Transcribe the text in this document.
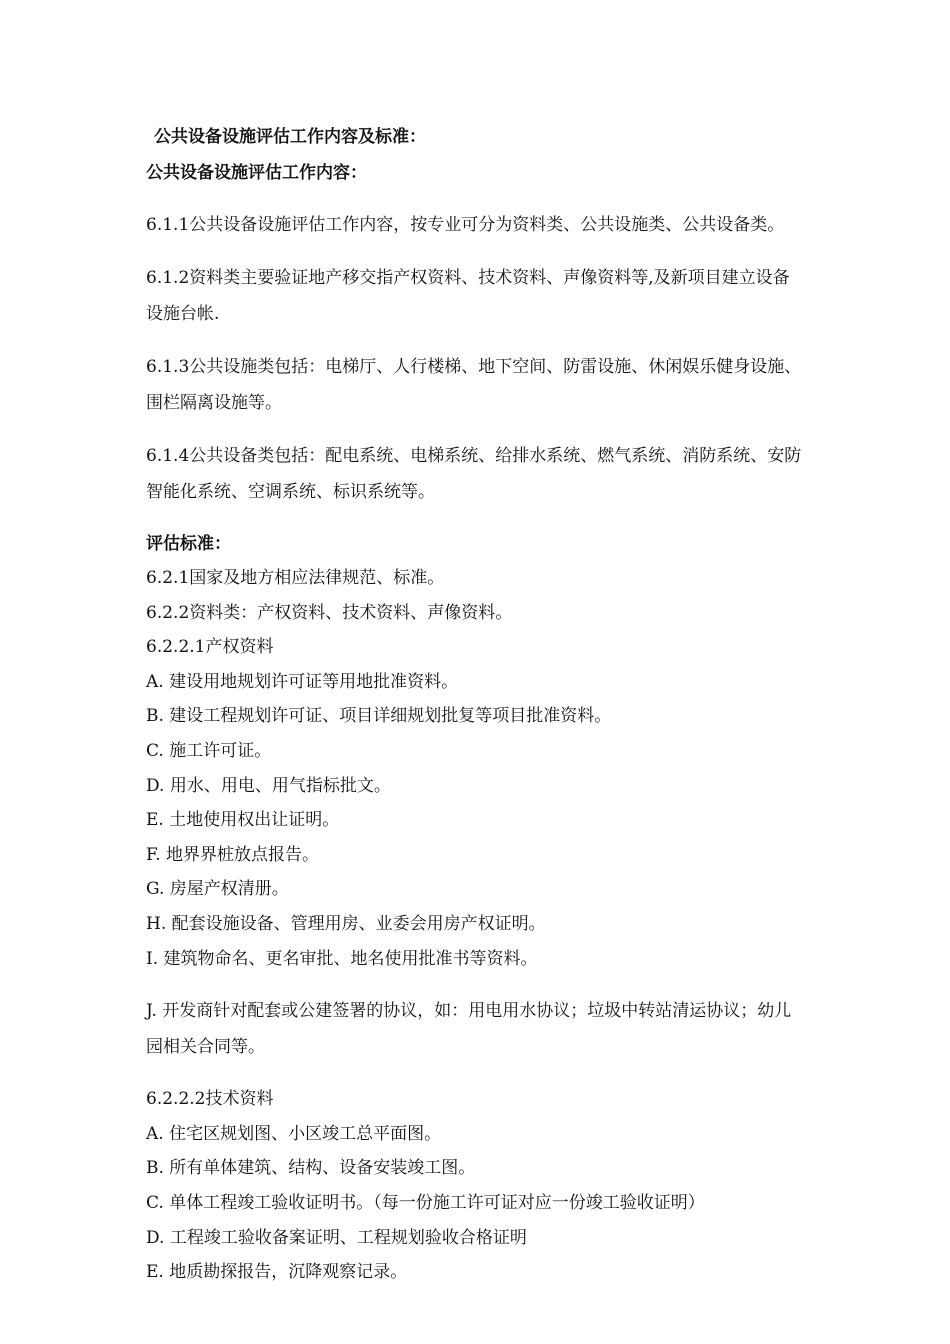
公共设备设施评估工作内容及标准：

公共设备设施评估工作内容：

6.1.1公共设备设施评估工作内容，按专业可分为资料类、公共设施类、公共设备类。

6.1.2资料类主要验证地产移交指产权资料、技术资料、声像资料等,及新项目建立设备设施台帐.

6.1.3公共设施类包括：电梯厅、人行楼梯、地下空间、防雷设施、休闲娱乐健身设施、围栏隔离设施等。

6.1.4公共设备类包括：配电系统、电梯系统、给排水系统、燃气系统、消防系统、安防智能化系统、空调系统、标识系统等。

评估标准：

6.2.1国家及地方相应法律规范、标准。

6.2.2资料类：产权资料、技术资料、声像资料。

6.2.2.1产权资料

A. 建设用地规划许可证等用地批准资料。

B. 建设工程规划许可证、项目详细规划批复等项目批准资料。

C. 施工许可证。

D. 用水、用电、用气指标批文。

E. 土地使用权出让证明。

F. 地界界桩放点报告。

G. 房屋产权清册。

H. 配套设施设备、管理用房、业委会用房产权证明。

I. 建筑物命名、更名审批、地名使用批准书等资料。

J. 开发商针对配套或公建签署的协议，如：用电用水协议；垃圾中转站清运协议；幼儿园相关合同等。

6.2.2.2技术资料

A. 住宅区规划图、小区竣工总平面图。

B. 所有单体建筑、结构、设备安装竣工图。

C. 单体工程竣工验收证明书。（每一份施工许可证对应一份竣工验收证明）

D. 工程竣工验收备案证明、工程规划验收合格证明

E. 地质勘探报告，沉降观察记录。
